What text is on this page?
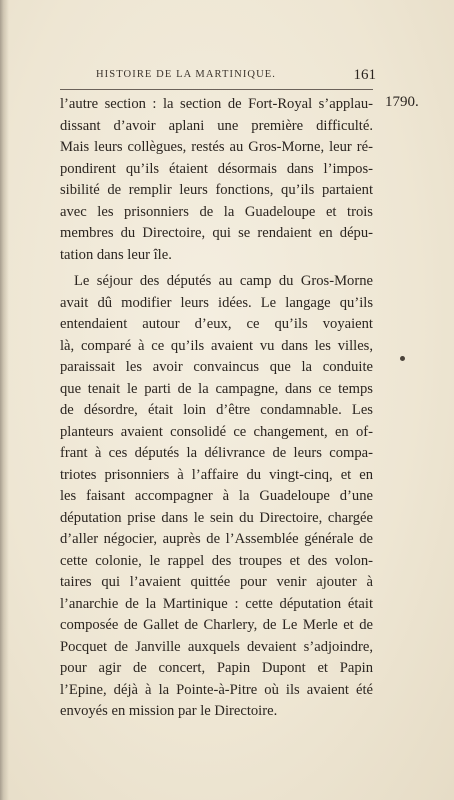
HISTOIRE DE LA MARTINIQUE.	161
1790.
l’autre section : la section de Fort-Royal s’applau-
dissant d’avoir aplani une première difficulté.
Mais leurs collègues, restés au Gros-Morne, leur ré-
pondirent qu’ils étaient désormais dans l’impos-
sibilité de remplir leurs fonctions, qu’ils partaient
avec les prisonniers de la Guadeloupe et trois
membres du Directoire, qui se rendaient en dépu-
tation dans leur île.
Le séjour des députés au camp du Gros-Morne
avait dû modifier leurs idées. Le langage qu’ils
entendaient autour d’eux, ce qu’ils voyaient
là, comparé à ce qu’ils avaient vu dans les villes,
paraissait les avoir convaincus que la conduite
que tenait le parti de la campagne, dans ce temps
de désordre, était loin d’être condamnable. Les
planteurs avaient consolidé ce changement, en of-
frant à ces députés la délivrance de leurs compa-
triotes prisonniers à l’affaire du vingt-cinq, et en
les faisant accompagner à la Guadeloupe d’une
députation prise dans le sein du Directoire, chargée
d’aller négocier, auprès de l’Assemblée générale de
cette colonie, le rappel des troupes et des volon-
taires qui l’avaient quittée pour venir ajouter à
l’anarchie de la Martinique : cette députation était
composée de Gallet de Charlery, de Le Merle et de
Pocquet de Janville auxquels devaient s’adjoindre,
pour agir de concert, Papin Dupont et Papin
l’Epine, déjà à la Pointe-à-Pitre où ils avaient été
envoyés en mission par le Directoire.
